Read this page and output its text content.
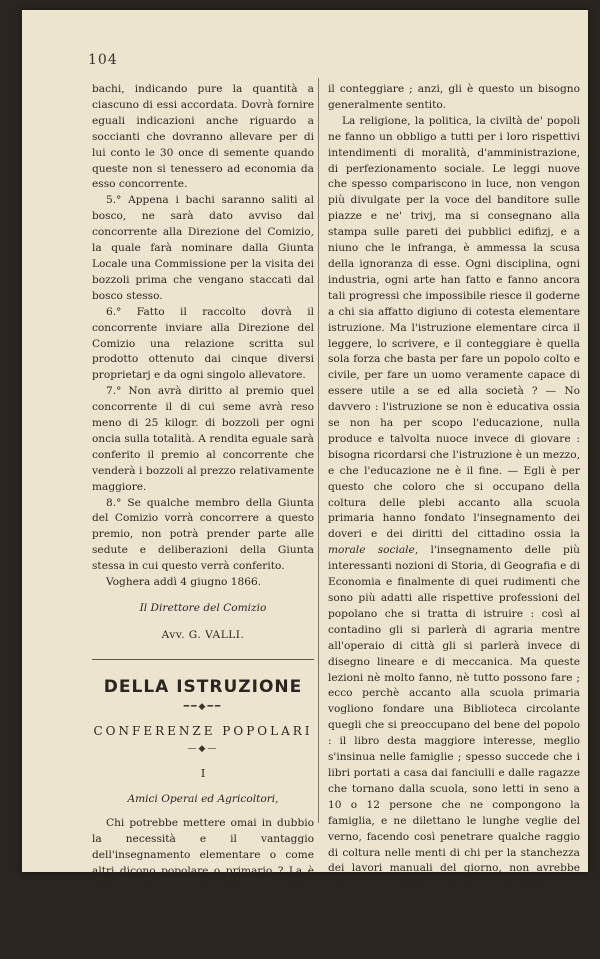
104

bachi, indicando pure la quantità a ciascuno di essi accordata. Dovrà fornire eguali indicazioni anche riguardo a soccianti che dovranno allevare per di lui conto le 30 once di semente quando queste non si tenessero ad economia da esso concorrente.

5.° Appena i bachi saranno saliti al bosco, ne sarà dato avviso dal concorrente alla Direzione del Comizio, la quale farà nominare dalla Giunta Locale una Commissione per la visita dei bozzoli prima che vengano staccati dal bosco stesso.

6.° Fatto il raccolto dovrà il concorrente inviare alla Direzione del Comizio una relazione scritta sul prodotto ottenuto dai cinque diversi proprietarj e da ogni singolo allevatore.

7.° Non avrà diritto al premio quel concorrente il di cui seme avrà reso meno di 25 kilogr. di bozzoli per ogni oncia sulla totalità. A rendita eguale sarà conferito il premio al concorrente che venderà i bozzoli al prezzo relativamente maggiore.

8.° Se qualche membro della Giunta del Comizio vorrà concorrere a questo premio, non potrà prender parte alle sedute e deliberazioni della Giunta stessa in cui questo verrà conferito.

Voghera addì 4 giugno 1866.

Il Direttore del Comizio

Avv. G. VALLI.

DELLA ISTRUZIONE
━━◆━━
CONFERENZE POPOLARI
—◆—
I
Amici Operai ed Agricoltori,

Chi potrebbe mettere omai in dubbio la necessità e il vantaggio dell'insegnamento elementare o come altri dicono popolare o primario ? La è cosa che non ha bisogno d'esser dimostrata : ognuno di leggieri comprende l'importanza di insegnare al popolo di città come a quello di campagna, il leggere, lo scrivere,

il conteggiare ; anzi, gli è questo un bisogno generalmente sentito.

La religione, la politica, la civiltà de' popoli ne fanno un obbligo a tutti per i loro rispettivi intendimenti di moralità, d'amministrazione, di perfezionamento sociale. Le leggi nuove che spesso compariscono in luce, non vengon più divulgate per la voce del banditore sulle piazze e ne' trivj, ma si consegnano alla stampa sulle pareti dei pubblici edifizj, e a niuno che le infranga, è ammessa la scusa della ignoranza di esse. Ogni disciplina, ogni industria, ogni arte han fatto e fanno ancora tali progressi che impossibile riesce il goderne a chi sia affatto digiuno di cotesta elementare istruzione. Ma l'istruzione elementare circa il leggere, lo scrivere, e il conteggiare è quella sola forza che basta per fare un popolo colto e civile, per fare un uomo veramente capace di essere utile a se ed alla società ? — No davvero : l'istruzione se non è educativa ossia se non ha per scopo l'educazione, nulla produce e talvolta nuoce invece di giovare : bisogna ricordarsi che l'istruzione è un mezzo, e che l'educazione ne è il fine. — Egli è per questo che coloro che si occupano della coltura delle plebi accanto alla scuola primaria hanno fondato l'insegnamento dei doveri e dei diritti del cittadino ossia la morale sociale, l'insegnamento delle più interessanti nozioni di Storia, di Geografia e di Economia e finalmente di quei rudimenti che sono più adatti alle rispettive professioni del popolano che si tratta di istruire : così al contadino gli si parlerà di agraria mentre all'operaio di città gli si parlerà invece di disegno lineare e di meccanica. Ma queste lezioni nè molto fanno, nè tutto possono fare ; ecco perchè accanto alla scuola primaria vogliono fondare una Biblioteca circolante quegli che si preoccupano del bene del popolo : il libro desta maggiore interesse, meglio s'insinua nelle famiglie ; spesso succede che i libri portati a casa dai fanciulli e dalle ragazze che tornano dalla scuola, sono letti in seno a 10 o 12 persone che ne compongono la famiglia, e ne dilettano le lunghe veglie del verno, facendo così penetrare qualche raggio di coltura nelle menti di chi per la stanchezza dei lavori manuali del giorno, non avrebbe voglia di leggere : di più il libro desta una speciale fiducia, si occupa di interessi più universali e più varj, cosicchè vi ha per tutti
